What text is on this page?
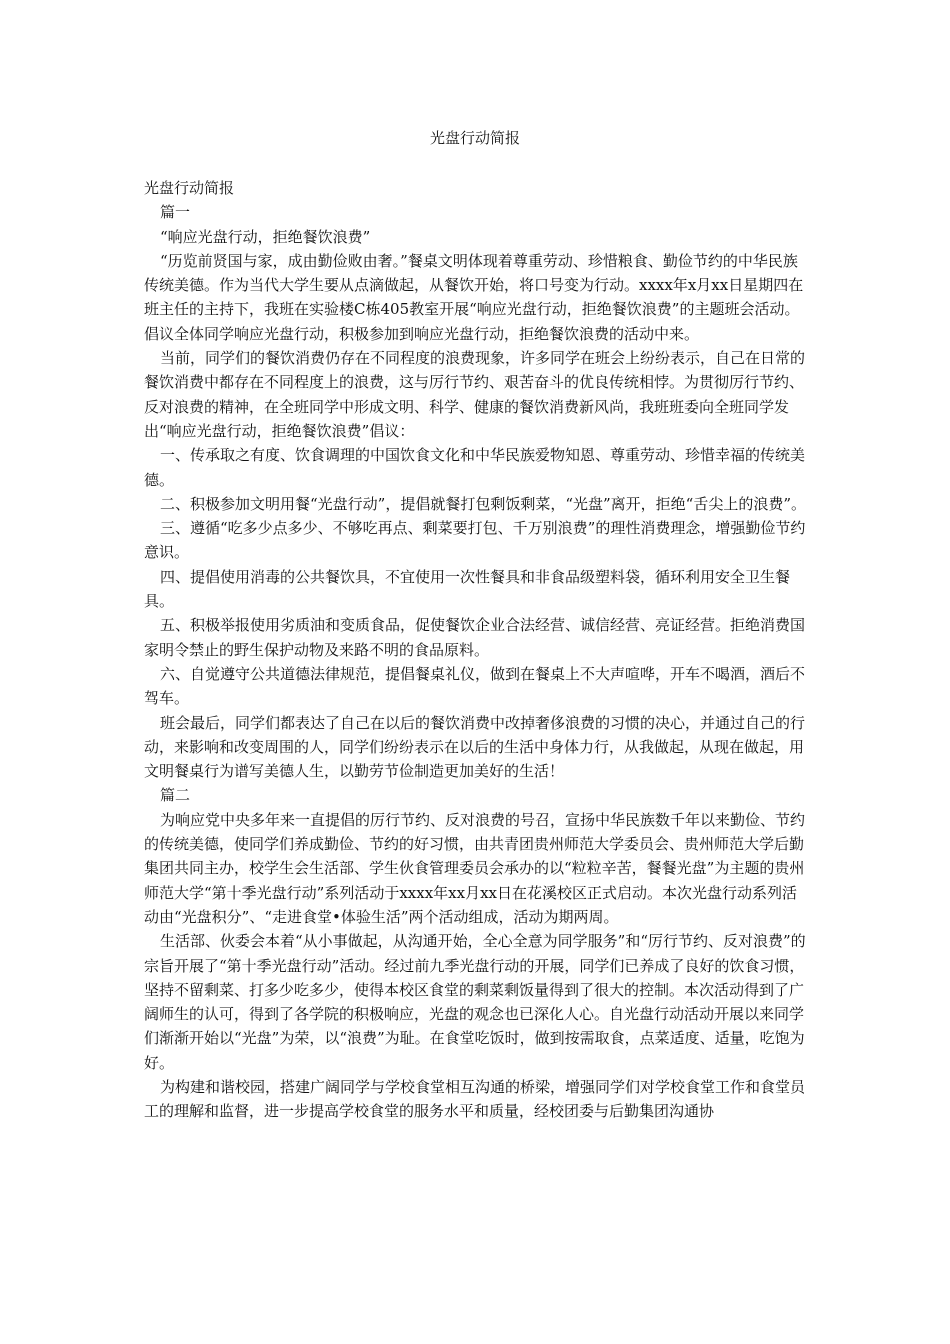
光盘行动简报

光盘行动简报

篇一

“响应光盘行动，拒绝餐饮浪费”

“历览前贤国与家，成由勤俭败由奢。”餐桌文明体现着尊重劳动、珍惜粮食、勤俭节约的中华民族传统美德。作为当代大学生要从点滴做起，从餐饮开始，将口号变为行动。xxxx年x月xx日星期四在班主任的主持下，我班在实验楼C栋405教室开展“响应光盘行动，拒绝餐饮浪费”的主题班会活动。倡议全体同学响应光盘行动，积极参加到响应光盘行动，拒绝餐饮浪费的活动中来。

当前，同学们的餐饮消费仍存在不同程度的浪费现象，许多同学在班会上纷纷表示，自己在日常的餐饮消费中都存在不同程度上的浪费，这与厉行节约、艰苦奋斗的优良传统相悖。为贯彻厉行节约、反对浪费的精神，在全班同学中形成文明、科学、健康的餐饮消费新风尚，我班班委向全班同学发出“响应光盘行动，拒绝餐饮浪费”倡议：

一、传承取之有度、饮食调理的中国饮食文化和中华民族爱物知恩、尊重劳动、珍惜幸福的传统美德。

二、积极参加文明用餐“光盘行动”，提倡就餐打包剩饭剩菜，“光盘”离开，拒绝“舌尖上的浪费”。

三、遵循“吃多少点多少、不够吃再点、剩菜要打包、千万别浪费”的理性消费理念，增强勤俭节约意识。

四、提倡使用消毒的公共餐饮具，不宜使用一次性餐具和非食品级塑料袋，循环利用安全卫生餐具。

五、积极举报使用劣质油和变质食品，促使餐饮企业合法经营、诚信经营、亮证经营。拒绝消费国家明令禁止的野生保护动物及来路不明的食品原料。

六、自觉遵守公共道德法律规范，提倡餐桌礼仪，做到在餐桌上不大声喧哗，开车不喝酒，酒后不驾车。

班会最后，同学们都表达了自己在以后的餐饮消费中改掉奢侈浪费的习惯的决心，并通过自己的行动，来影响和改变周围的人，同学们纷纷表示在以后的生活中身体力行，从我做起，从现在做起，用文明餐桌行为谱写美德人生，以勤劳节俭制造更加美好的生活！

篇二

为响应党中央多年来一直提倡的厉行节约、反对浪费的号召，宣扬中华民族数千年以来勤俭、节约的传统美德，使同学们养成勤俭、节约的好习惯，由共青团贵州师范大学委员会、贵州师范大学后勤集团共同主办，校学生会生活部、学生伙食管理委员会承办的以“粒粒辛苦，餐餐光盘”为主题的贵州师范大学“第十季光盘行动”系列活动于xxxx年xx月xx日在花溪校区正式启动。本次光盘行动系列活动由“光盘积分”、“走进食堂•体验生活”两个活动组成，活动为期两周。

生活部、伙委会本着“从小事做起，从沟通开始，全心全意为同学服务”和“厉行节约、反对浪费”的宗旨开展了“第十季光盘行动”活动。经过前九季光盘行动的开展，同学们已养成了良好的饮食习惯，坚持不留剩菜、打多少吃多少，使得本校区食堂的剩菜剩饭量得到了很大的控制。本次活动得到了广阔师生的认可，得到了各学院的积极响应，光盘的观念也已深化人心。自光盘行动活动开展以来同学们渐渐开始以“光盘”为荣，以“浪费”为耻。在食堂吃饭时，做到按需取食，点菜适度、适量，吃饱为好。

为构建和谐校园，搭建广阔同学与学校食堂相互沟通的桥梁，增强同学们对学校食堂工作和食堂员工的理解和监督，进一步提高学校食堂的服务水平和质量，经校团委与后勤集团沟通协
